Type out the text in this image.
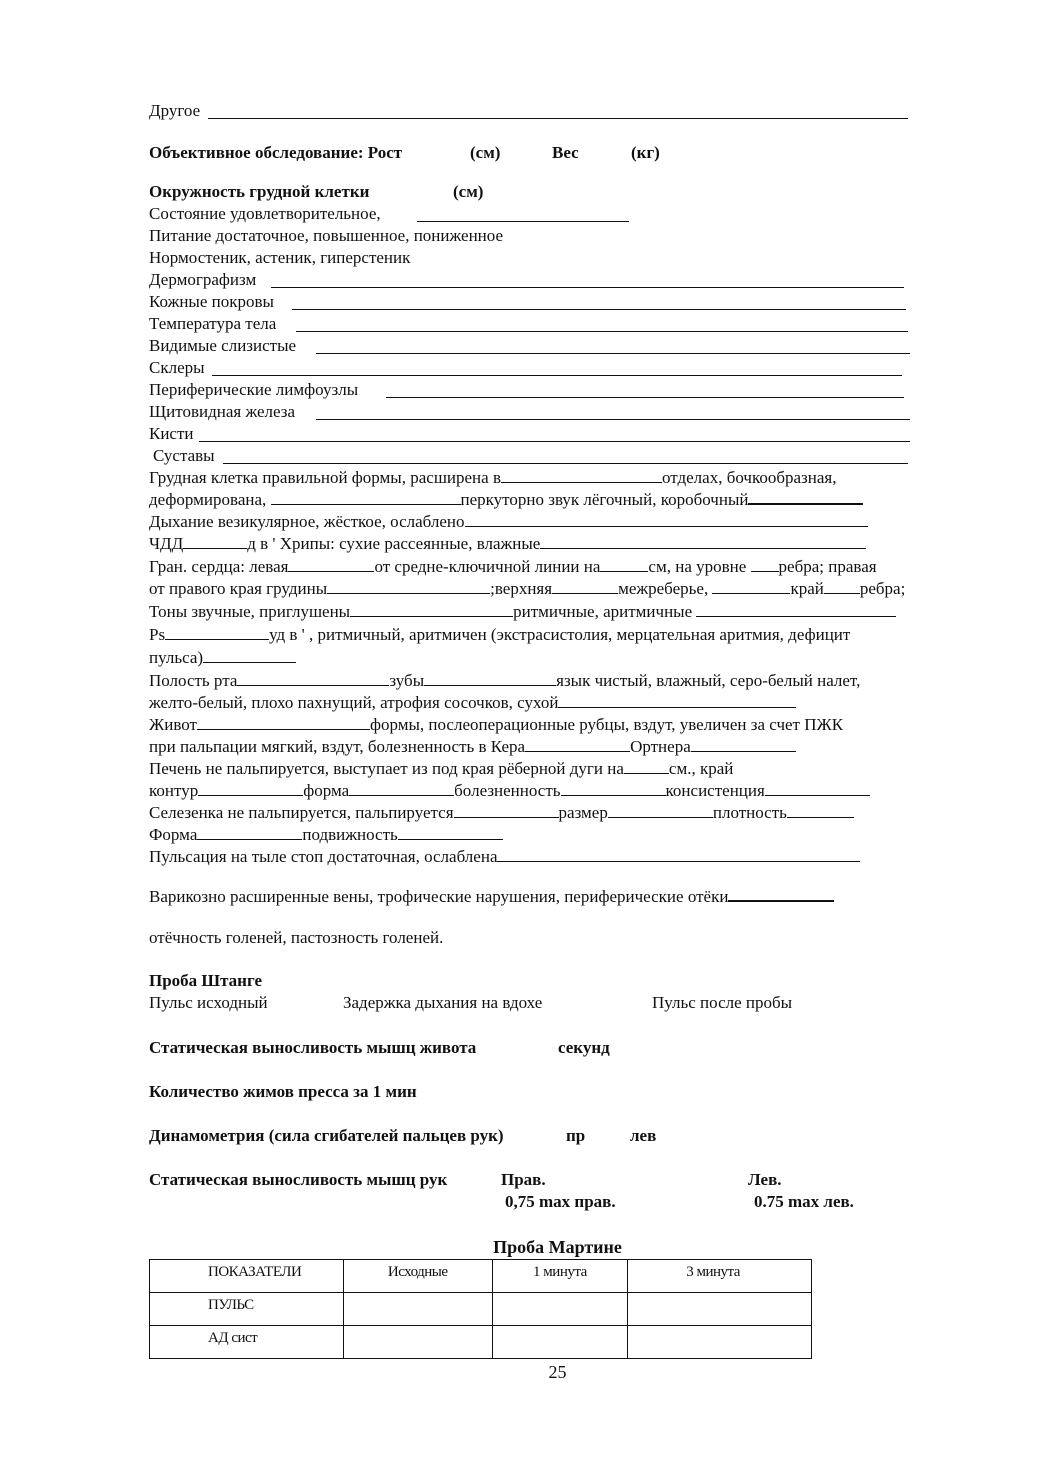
Другое
Объективное обследование: Рост	(см)	Вес	(кг)
Окружность грудной клетки	(см)
Состояние удовлетворительное,
Питание достаточное, повышенное, пониженное
Нормостеник, астеник, гиперстеник
Дермографизм
Кожные покровы
Температура тела
Видимые слизистые
Склеры
Периферические лимфоузлы
Щитовидная железа
Кисти
Суставы
Грудная клетка правильной формы, расширена в	отделах, бочкообразная,
деформирована,	перкуторно звук лёгочный, коробочный
Дыхание везикулярное, жёсткое, ослаблено
ЧДД	д в ' Хрипы: сухие рассеянные, влажные
Гран. сердца: левая	от средне-ключичной линии на	см, на уровне ребра; правая
от правого края грудины	;верхняя	межреберье,	край ребра;
Тоны звучные, приглушены	ритмичные, аритмичные
Ps	уд в ' , ритмичный, аритмичен (экстрасистолия, мерцательная аритмия, дефицит
пульса)
Полость рта	зубы	язык чистый, влажный, серо-белый налет,
желто-белый, плохо пахнущий, атрофия сосочков, сухой
Живот	формы, послеоперационные рубцы, вздут, увеличен за счет ПЖК
при пальпации мягкий, вздут, болезненность в Кера	Ортнера
Печень не пальпируется, выступает из под края рёберной дуги на	см., край
контур	форма	болезненность	консистенция
Селезенка не пальпируется, пальпируется	размер	плотность
Форма	подвижность
Пульсация на тыле стоп достаточная, ослаблена
Варикозно расширенные вены, трофические нарушения, периферические отёки
отёчность голеней, пастозность голеней.
Проба Штанге
Пульс исходный	Задержка дыхания на вдохе	Пульс после пробы
Статическая выносливость мышц живота	секунд
Количество жимов пресса за 1 мин
Динамометрия (сила сгибателей пальцев рук)	пр	лев
Статическая выносливость мышц рук	Прав.	Лев.
0,75 max прав.	0.75 max лев.
Проба Мартине
ПОКАЗАТЕЛИ	Исходные	1 минута	3 минута

ПУЛЬС			

АД сист			

25
